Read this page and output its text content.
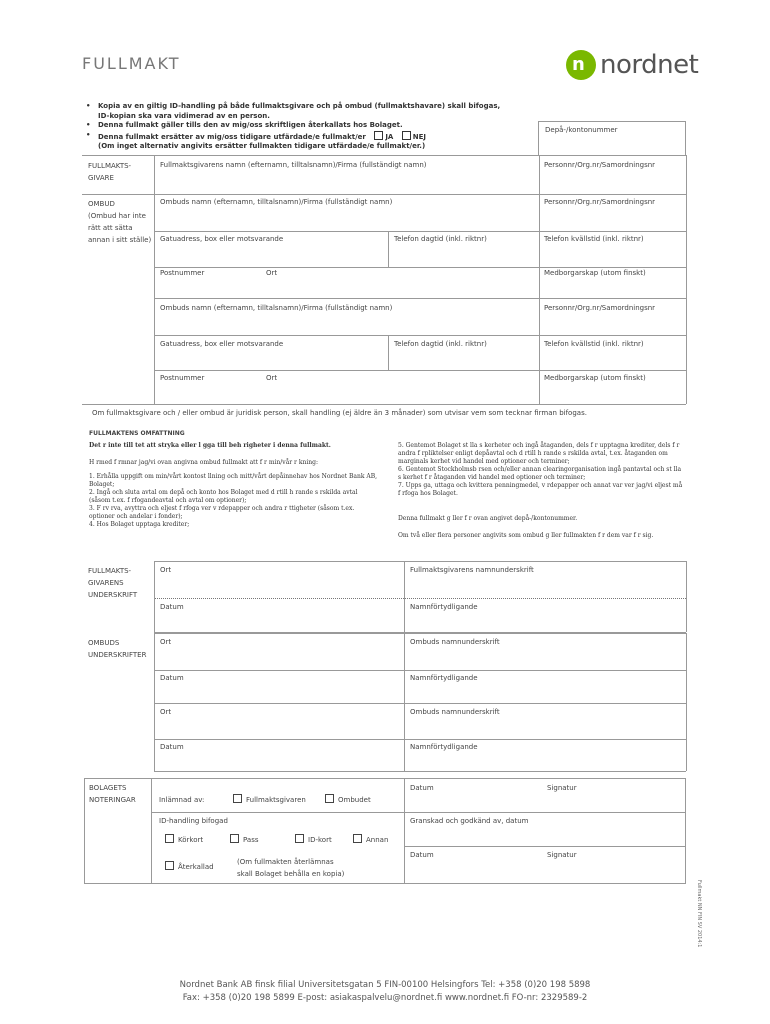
FULLMAKT	n nordnet
• Kopia av en giltig ID-handling på både fullmaktsgivare och på ombud (fullmaktshavare) skall bifogas,
ID-kopian ska vara vidimerad av en person.
• Denna fullmakt gäller tills den av mig/oss skriftligen återkallats hos Bolaget.
• Denna fullmakt ersätter av mig/oss tidigare utfärdade/e fullmakt/er	JA	NEJ
(Om inget alternativ angivits ersätter fullmakten tidigare utfärdade/e fullmakt/er.)
Depå-/kontonummer
FULLMAKTS-
GIVARE
Fullmaktsgivarens namn (efternamn, tilltalsnamn)/Firma (fullständigt namn)	Personnr/Org.nr/Samordningsnr
OMBUD
(Ombud har inte
rätt att sätta
annan i sitt ställe)
Ombuds namn (efternamn, tilltalsnamn)/Firma (fullständigt namn)	Personnr/Org.nr/Samordningsnr
Gatuadress, box eller motsvarande	Telefon dagtid (inkl. riktnr)	Telefon kvällstid (inkl. riktnr)
Postnummer	Ort	Medborgarskap (utom finskt)
Ombuds namn (efternamn, tilltalsnamn)/Firma (fullständigt namn)	Personnr/Org.nr/Samordningsnr
Gatuadress, box eller motsvarande	Telefon dagtid (inkl. riktnr)	Telefon kvällstid (inkl. riktnr)
Postnummer	Ort	Medborgarskap (utom finskt)
Om fullmaktsgivare och / eller ombud är juridisk person, skall handling (ej äldre än 3 månader) som utvisar vem som tecknar firman bifogas.
FULLMAKTENS OMFATTNING
Det r inte till tet att stryka eller l gga till beh righeter i denna fullmakt.
H rmed f rmnar jag/vi ovan angivna ombud fullmakt att f r min/vår r kning:
1. Erhålla uppgift om min/vårt kontost llning och mitt/vårt depåinnehav hos Nordnet Bank AB,
Bolaget;
2. Ingå och sluta avtal om depå och konto hos Bolaget med d rtill h rande s rskilda avtal
(såsom t.ex. f rfogandeavtal och avtal om optioner);
3. F rv rva, avyttra och eljest f rfoga ver v rdepapper och andra r ttigheter (såsom t.ex.
optioner och andelar i fonder);
4. Hos Bolaget upptaga krediter;
5. Gentemot Bolaget st lla s kerheter och ingå åtaganden, dels f r upptagna krediter, dels f r
andra f rpliktelser enligt depåavtal och d rtill h rande s rskilda avtal, t.ex. åtaganden om
marginals kerhet vid handel med optioner och terminer;
6. Gentemot Stockholmsb rsen och/eller annan clearingorganisation ingå pantavtal och st lla
s kerhet f r åtaganden vid handel med optioner och terminer;
7. Upps ga, uttaga och kvittera penningmedel, v rdepapper och annat var ver jag/vi eljest må
f rfoga hos Bolaget.
Denna fullmakt g ller f r ovan angivet depå-/kontonummer.
Om två eller flera personer angivits som ombud g ller fullmakten f r dem var f r sig.
FULLMAKTS-
GIVARENS
UNDERSKRIFT
Ort	Fullmaktsgivarens namnunderskrift
Datum	Namnförtydligande
OMBUDS
UNDERSKRIFTER
Ort	Ombuds namnunderskrift
Datum	Namnförtydligande
Ort	Ombuds namnunderskrift
Datum	Namnförtydligande
BOLAGETS
NOTERINGAR	Inlämnad av:	Fullmaktsgivaren	Ombudet
Datum	Signatur
ID-handling bifogad	Granskad och godkänd av, datum
Körkort	Pass	ID-kort	Annan
Återkallad
(Om fullmakten återlämnas
skall Bolaget behålla en kopia)
Datum	Signatur
Fullmakt NN FIN SV 2014:1
Nordnet Bank AB finsk filial Universitetsgatan 5 FIN-00100 Helsingfors Tel: +358 (0)20 198 5898
Fax: +358 (0)20 198 5899 E-post: asiakaspalvelu@nordnet.fi www.nordnet.fi FO-nr: 2329589-2
